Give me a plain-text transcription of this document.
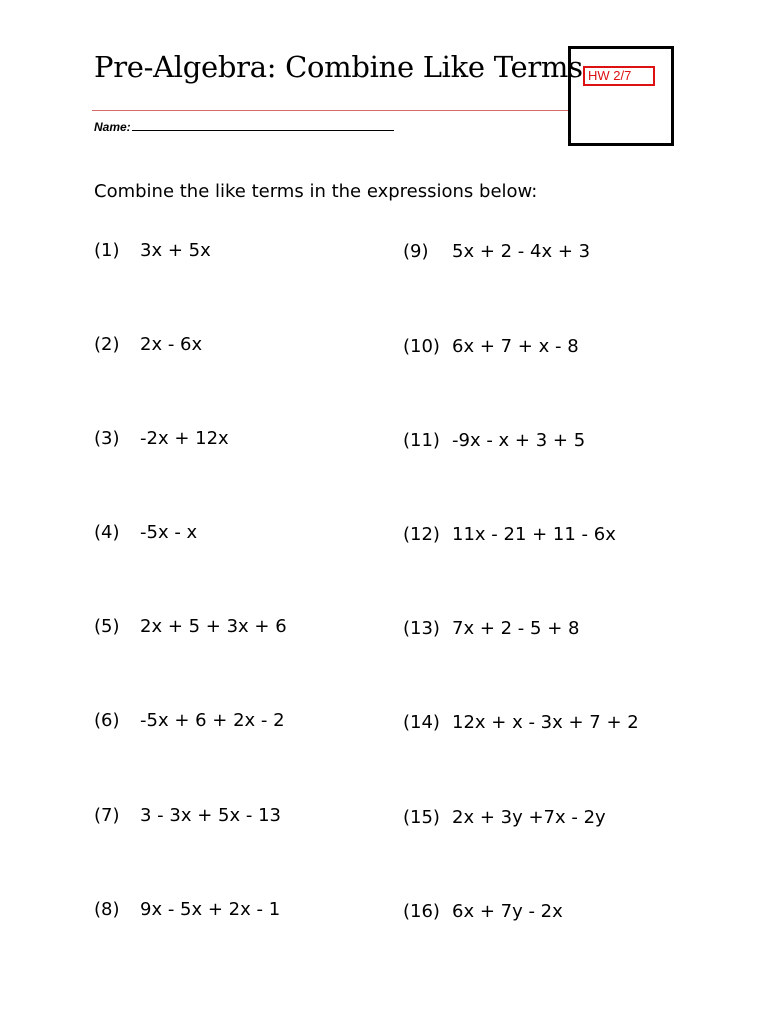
Pre-Algebra: Combine Like Terms HW 2/7
Name:
Combine the like terms in the expressions below:
(1) 3x + 5x
(2) 2x - 6x
(3) -2x + 12x
(4) -5x - x
(5) 2x + 5 + 3x + 6
(6) -5x + 6 + 2x - 2
(7) 3 - 3x + 5x - 13
(8) 9x - 5x + 2x - 1
(9) 5x + 2 - 4x + 3
(10) 6x + 7 + x - 8
(11) -9x - x + 3 + 5
(12) 11x - 21 + 11 - 6x
(13) 7x + 2 - 5 + 8
(14) 12x + x - 3x + 7 + 2
(15) 2x + 3y +7x - 2y
(16) 6x + 7y - 2x
